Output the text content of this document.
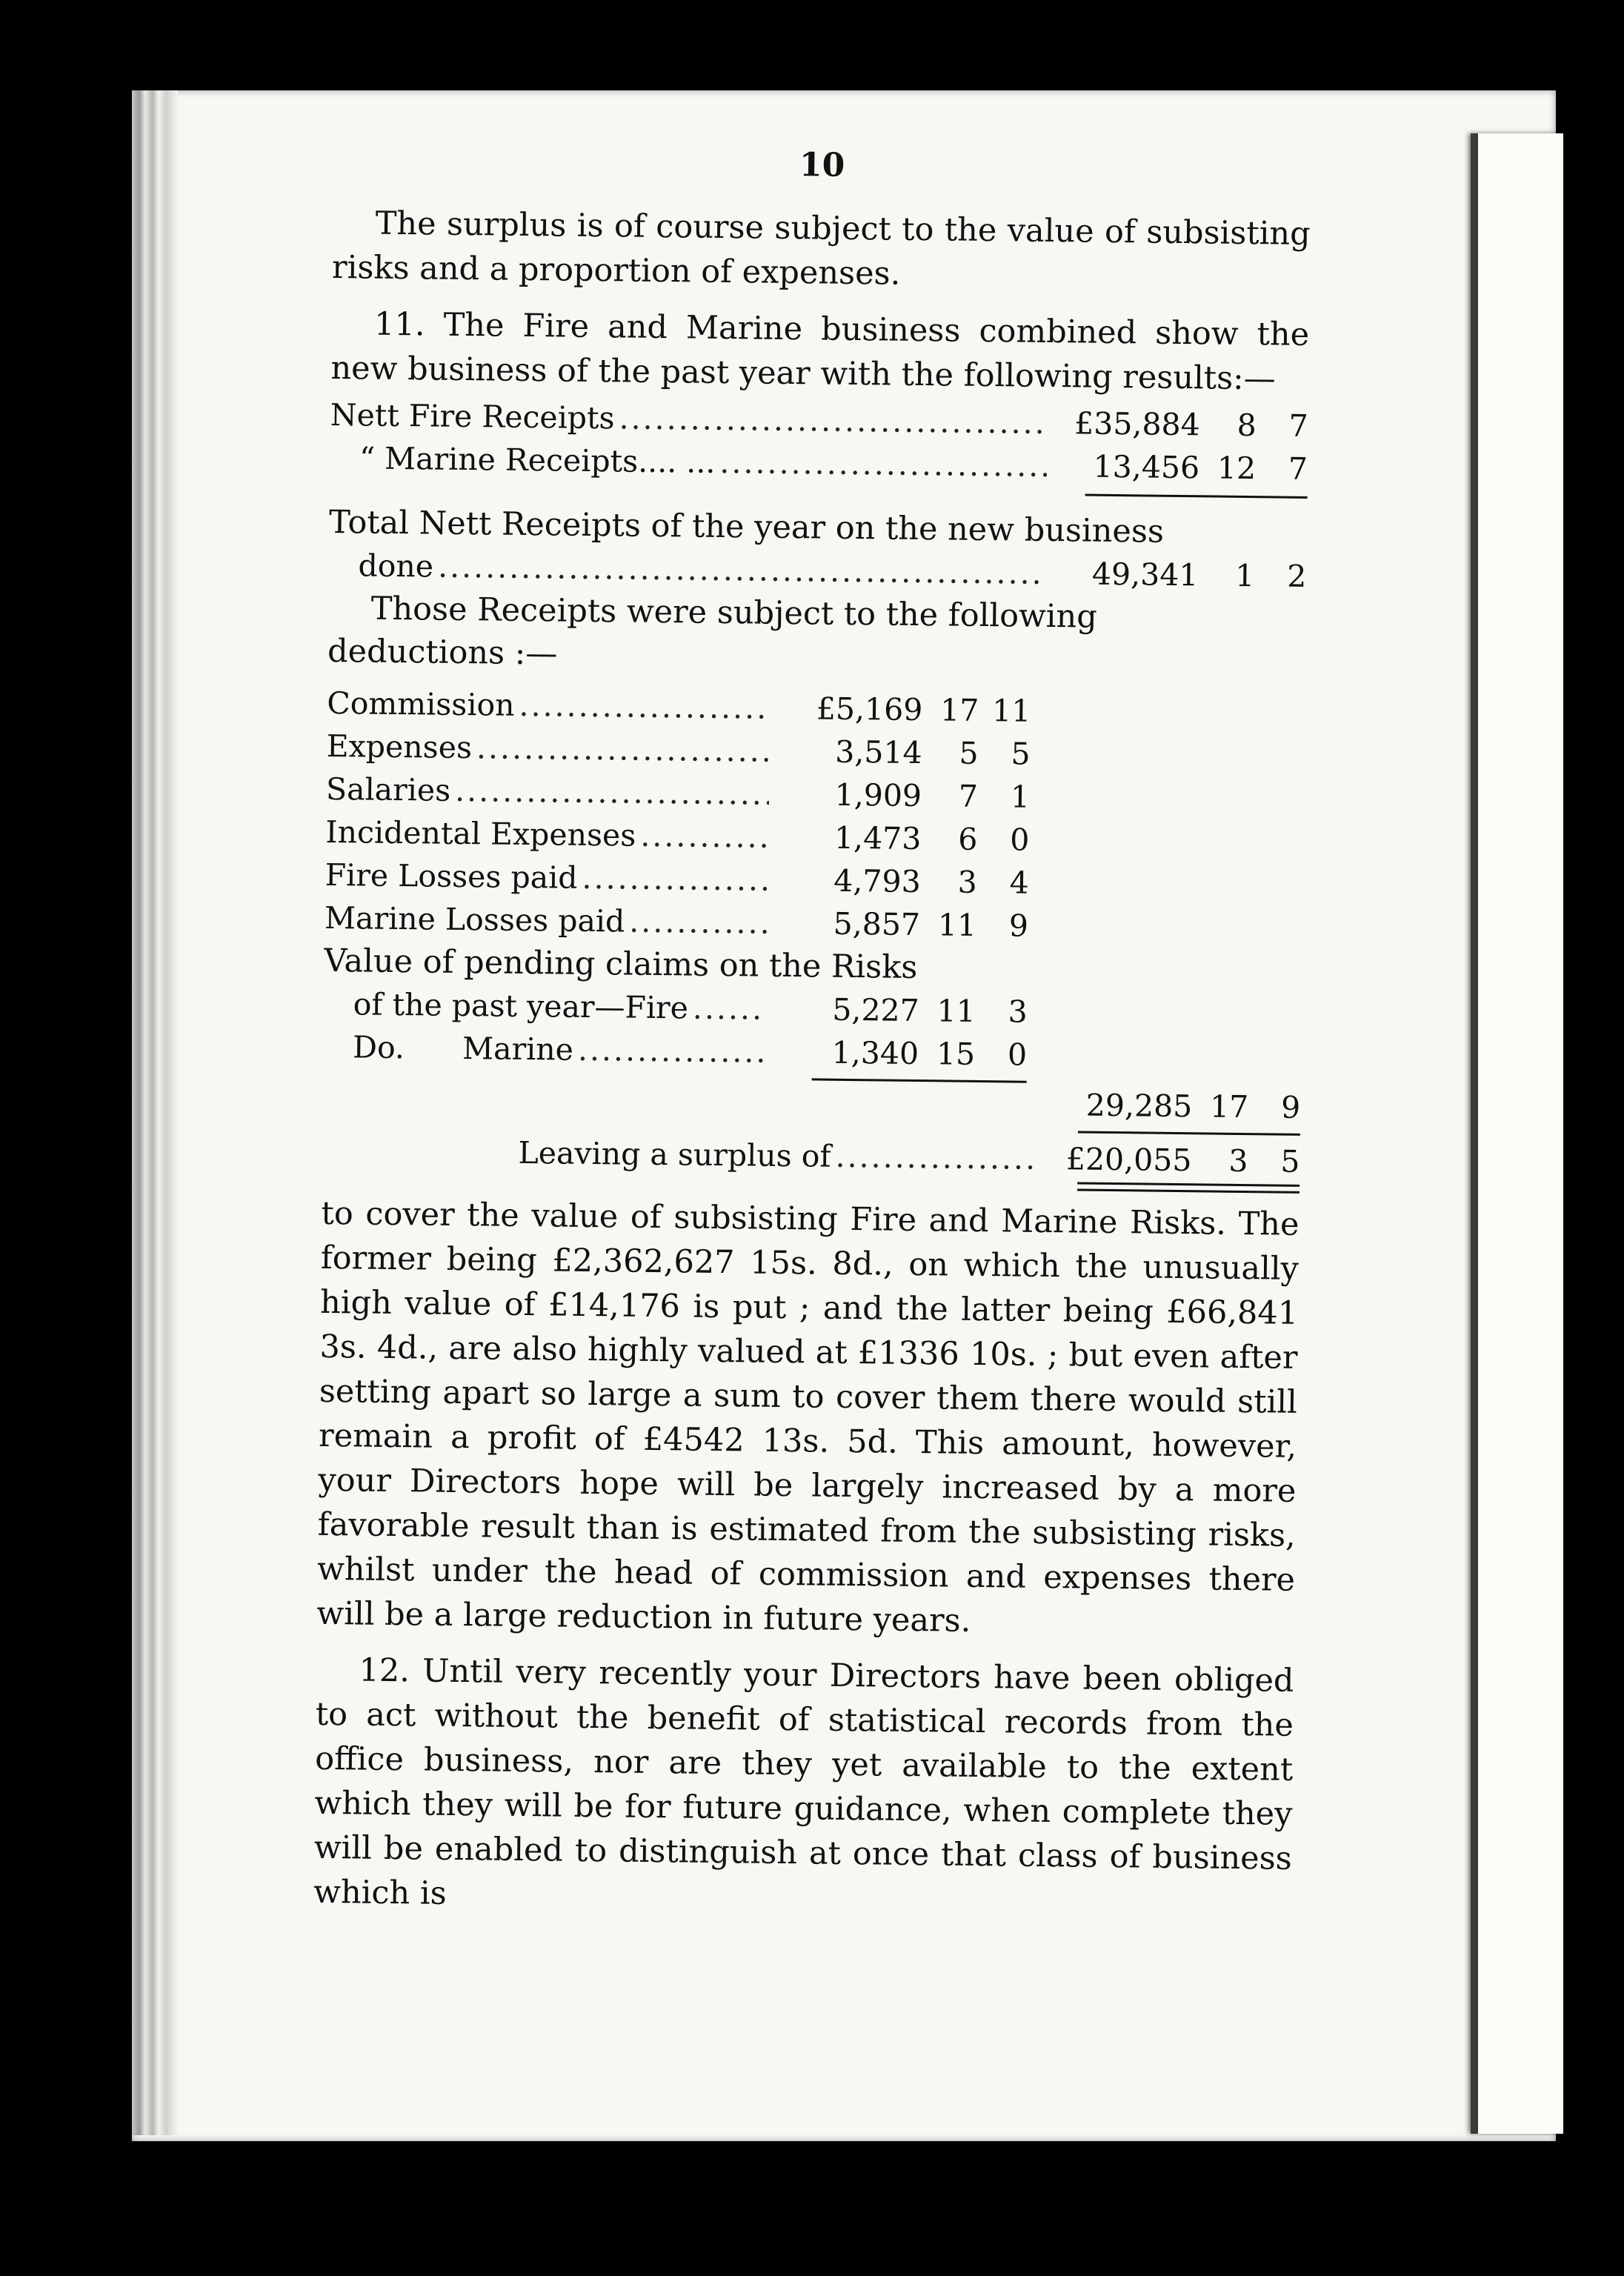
10

The surplus is of course subject to the value of subsisting risks and a proportion of expenses.

11. The Fire and Marine business combined show the new business of the past year with the following results:—

Nett Fire Receipts .....	£35,884 8 7
“ Marine Receipts.... ... .....	13,456 12 7
Total Nett Receipts of the year on the new business
done .....	49,341 1 2
Those Receipts were subject to the following
deductions :—
Commission .....	£5,169 17 11
Expenses .....	3,514 5 5
Salaries .....	1,909 7 1
Incidental Expenses .....	1,473 6 0
Fire Losses paid .....	4,793 3 4
Marine Losses paid .....	5,857 11 9
Value of pending claims on the Risks
of the past year—Fire .....	5,227 11 3
Do.      Marine .....	1,340 15 0
29,285 17 9
Leaving a surplus of .....	£20,055 3 5

to cover the value of subsisting Fire and Marine Risks. The former being £2,362,627 15s. 8d., on which the unusually high value of £14,176 is put ; and the latter being £66,841 3s. 4d., are also highly valued at £1336 10s. ; but even after setting apart so large a sum to cover them there would still remain a profit of £4542 13s. 5d. This amount, however, your Directors hope will be largely increased by a more favorable result than is estimated from the subsisting risks, whilst under the head of commission and expenses there will be a large reduction in future years.

12. Until very recently your Directors have been obliged to act without the benefit of statistical records from the office business, nor are they yet available to the extent which they will be for future guidance, when complete they will be enabled to distinguish at once that class of business which is
